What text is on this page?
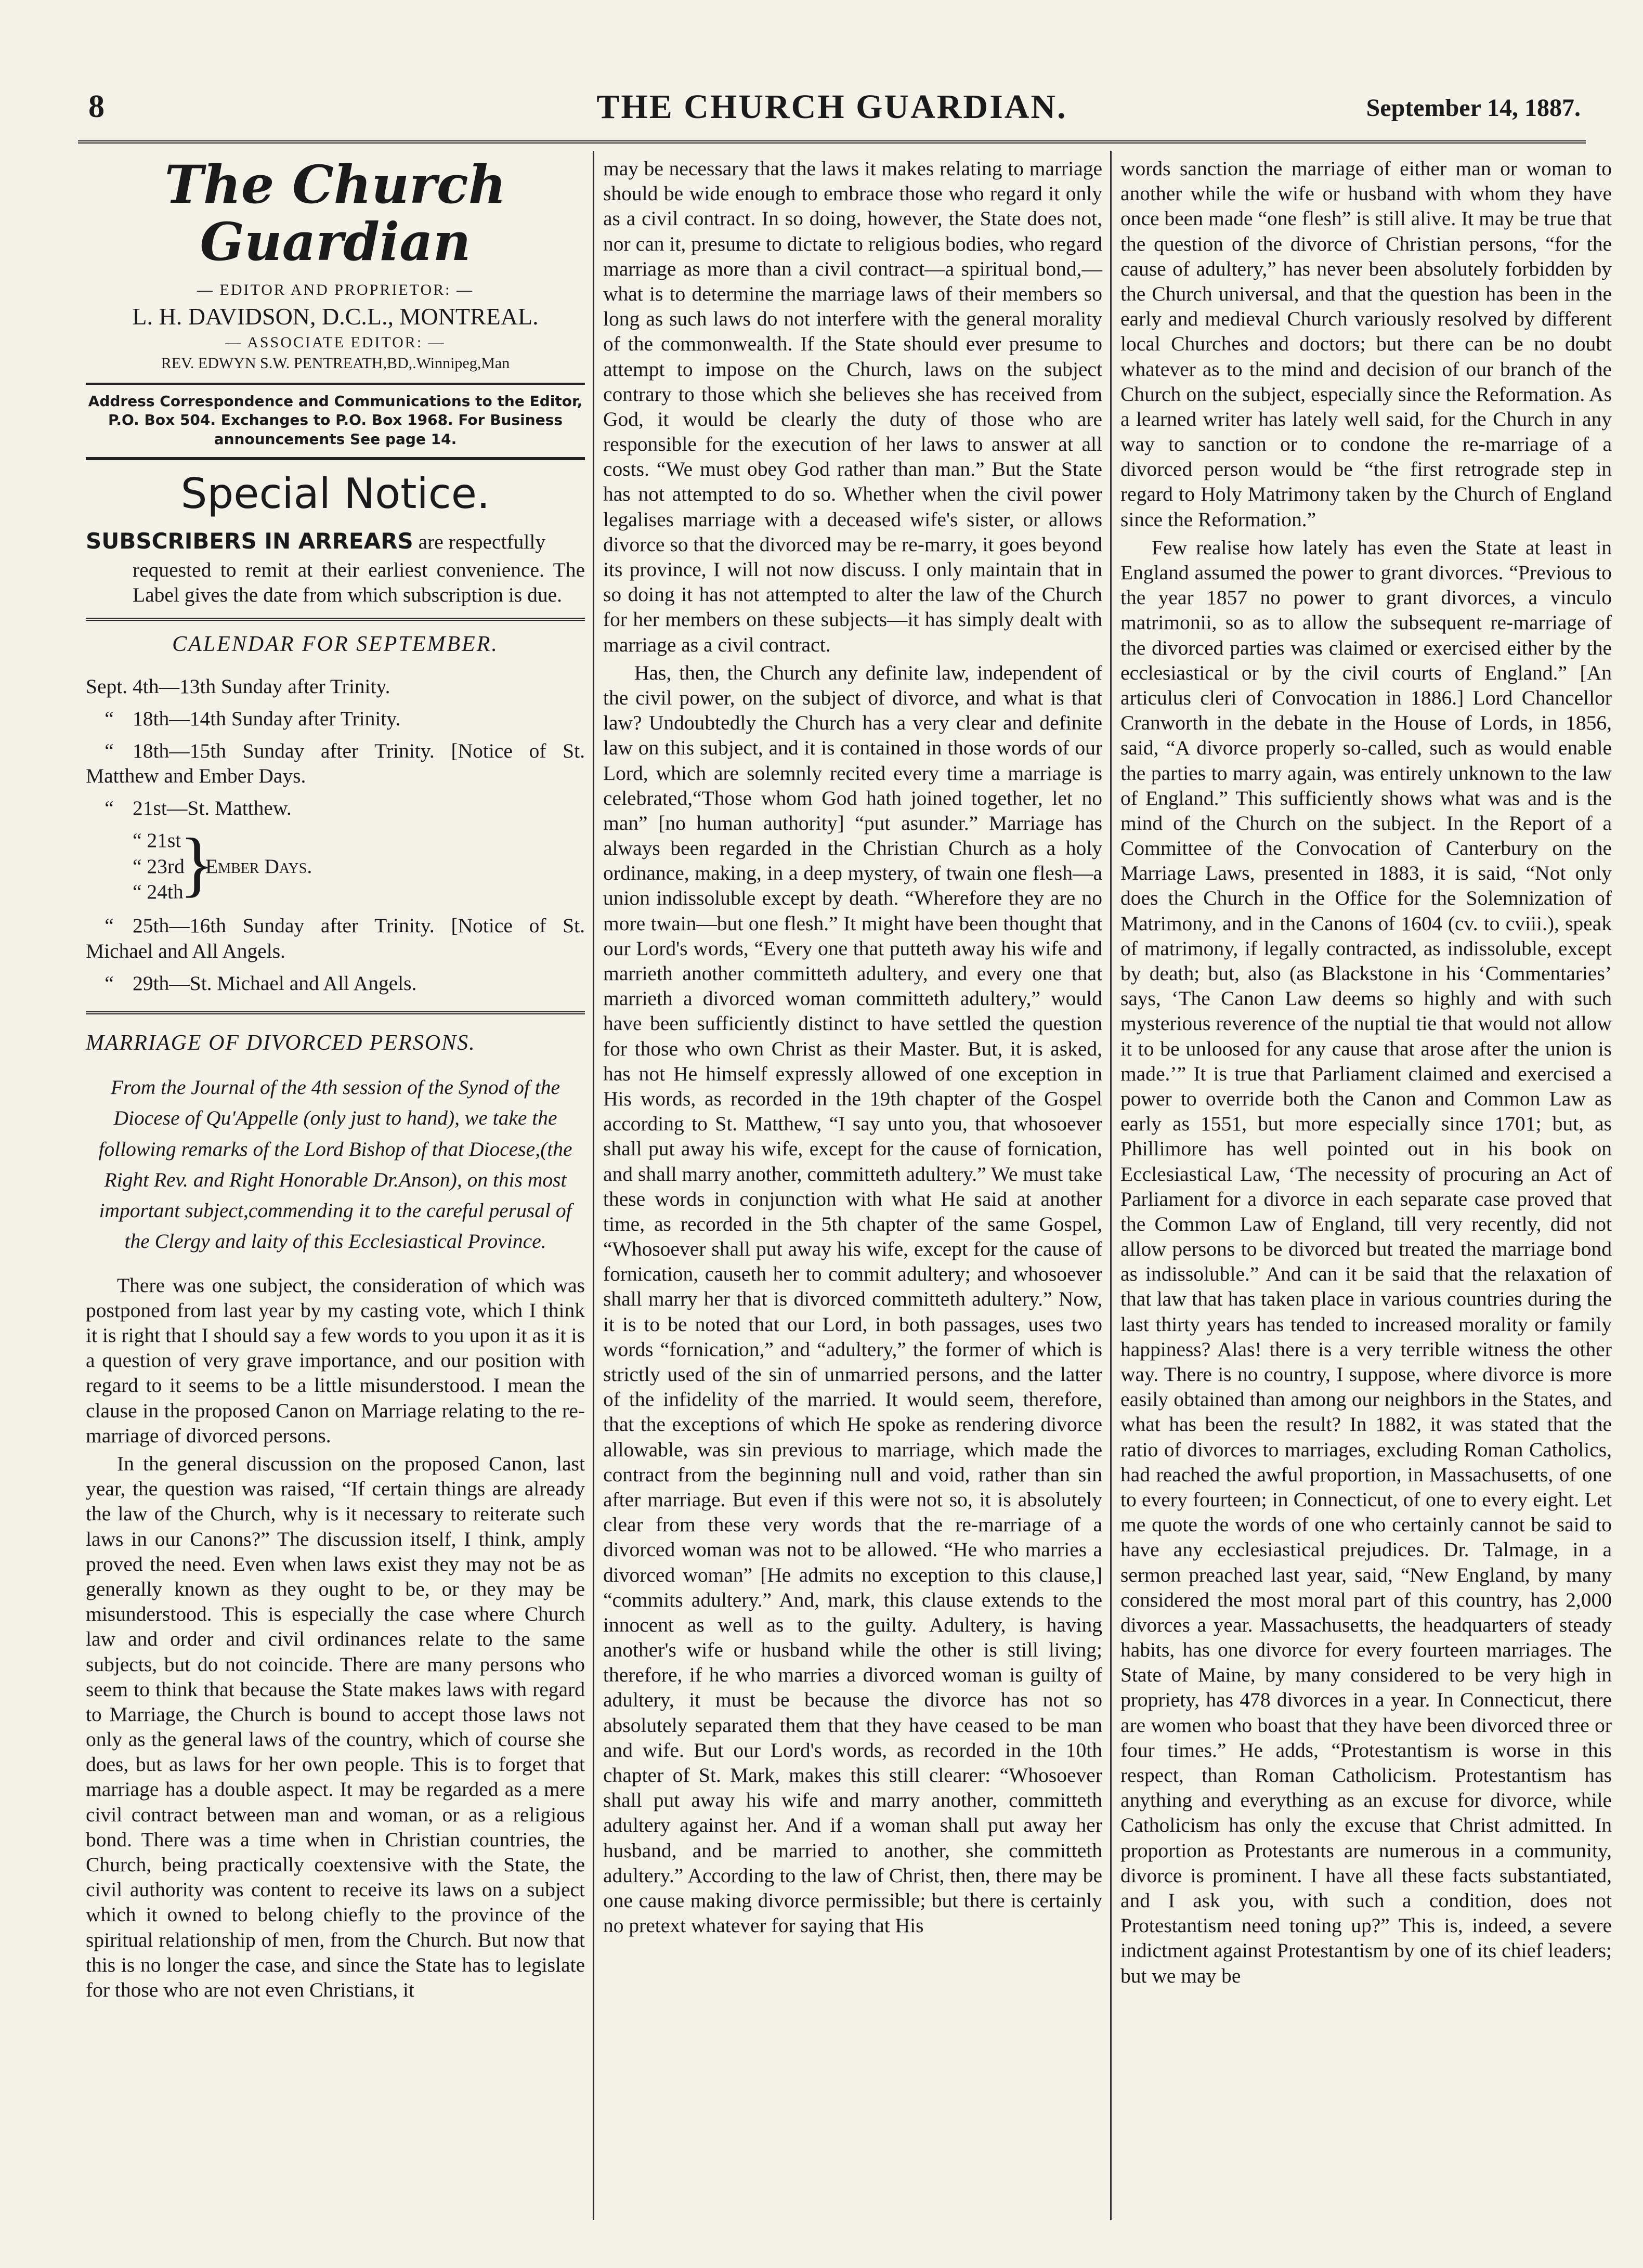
8	THE CHURCH GUARDIAN.	September 14, 1887.
The Church Guardian
— EDITOR AND PROPRIETOR: —
L. H. DAVIDSON, D.C.L., MONTREAL.
— ASSOCIATE EDITOR: —
REV. EDWYN S.W. PENTREATH,BD,.Winnipeg,Man
Address Correspondence and Communications to the Editor, P.O. Box 504. Exchanges to P.O. Box 1968. For Business announcements See page 14.
Special Notice.

SUBSCRIBERS IN ARREARS are respectfully

requested to remit at their earliest convenience. The Label gives the date from which subscription is due.

CALENDAR FOR SEPTEMBER.
Sept. 4th—13th Sunday after Trinity.
“ 18th—14th Sunday after Trinity.
“ 18th—15th Sunday after Trinity. [Notice of St. Matthew and Ember Days.
“ 21st—St. Matthew.
“ 21st
“ 23rd
“ 24th
}
Ember Days.
“ 25th—16th Sunday after Trinity. [Notice of St. Michael and All Angels.
“ 29th—St. Michael and All Angels.
MARRIAGE OF DIVORCED PERSONS.
From the Journal of the 4th session of the Synod of the Diocese of Qu'Appelle (only just to hand), we take the following remarks of the Lord Bishop of that Diocese,(the Right Rev. and Right Honorable Dr.Anson), on this most important subject,commending it to the careful perusal of the Clergy and laity of this Ecclesiastical Province.

There was one subject, the consideration of which was postponed from last year by my casting vote, which I think it is right that I should say a few words to you upon it as it is a question of very grave importance, and our position with regard to it seems to be a little misunderstood. I mean the clause in the proposed Canon on Marriage relating to the re-marriage of divorced persons.

In the general discussion on the proposed Canon, last year, the question was raised, “If certain things are already the law of the Church, why is it necessary to reiterate such laws in our Canons?” The discussion itself, I think, amply proved the need. Even when laws exist they may not be as generally known as they ought to be, or they may be misunderstood. This is especially the case where Church law and order and civil ordinances relate to the same subjects, but do not coincide. There are many persons who seem to think that because the State makes laws with regard to Marriage, the Church is bound to accept those laws not only as the general laws of the country, which of course she does, but as laws for her own people. This is to forget that marriage has a double aspect. It may be regarded as a mere civil contract between man and woman, or as a religious bond. There was a time when in Christian countries, the Church, being practically coextensive with the State, the civil authority was content to receive its laws on a subject which it owned to belong chiefly to the province of the spiritual relationship of men, from the Church. But now that this is no longer the case, and since the State has to legislate for those who are not even Christians, it

may be necessary that the laws it makes relating to marriage should be wide enough to embrace those who regard it only as a civil contract. In so doing, however, the State does not, nor can it, presume to dictate to religious bodies, who regard marriage as more than a civil contract—a spiritual bond,—what is to determine the marriage laws of their members so long as such laws do not interfere with the general morality of the commonwealth. If the State should ever presume to attempt to impose on the Church, laws on the subject contrary to those which she believes she has received from God, it would be clearly the duty of those who are responsible for the execution of her laws to answer at all costs. “We must obey God rather than man.” But the State has not attempted to do so. Whether when the civil power legalises marriage with a deceased wife's sister, or allows divorce so that the divorced may be re-marry, it goes beyond its province, I will not now discuss. I only maintain that in so doing it has not attempted to alter the law of the Church for her members on these subjects—it has simply dealt with marriage as a civil contract.

Has, then, the Church any definite law, independent of the civil power, on the subject of divorce, and what is that law? Undoubtedly the Church has a very clear and definite law on this subject, and it is contained in those words of our Lord, which are solemnly recited every time a marriage is celebrated,“Those whom God hath joined together, let no man” [no human authority] “put asunder.” Marriage has always been regarded in the Christian Church as a holy ordinance, making, in a deep mystery, of twain one flesh—a union indissoluble except by death. “Wherefore they are no more twain—but one flesh.” It might have been thought that our Lord's words, “Every one that putteth away his wife and marrieth another committeth adultery, and every one that marrieth a divorced woman committeth adultery,” would have been sufficiently distinct to have settled the question for those who own Christ as their Master. But, it is asked, has not He himself expressly allowed of one exception in His words, as recorded in the 19th chapter of the Gospel according to St. Matthew, “I say unto you, that whosoever shall put away his wife, except for the cause of fornication, and shall marry another, committeth adultery.” We must take these words in conjunction with what He said at another time, as recorded in the 5th chapter of the same Gospel, “Whosoever shall put away his wife, except for the cause of fornication, causeth her to commit adultery; and whosoever shall marry her that is divorced committeth adultery.” Now, it is to be noted that our Lord, in both passages, uses two words “fornication,” and “adultery,” the former of which is strictly used of the sin of unmarried persons, and the latter of the infidelity of the married. It would seem, therefore, that the exceptions of which He spoke as rendering divorce allowable, was sin previous to marriage, which made the contract from the beginning null and void, rather than sin after marriage. But even if this were not so, it is absolutely clear from these very words that the re-marriage of a divorced woman was not to be allowed. “He who marries a divorced woman” [He admits no exception to this clause,] “commits adultery.” And, mark, this clause extends to the innocent as well as to the guilty. Adultery, is having another's wife or husband while the other is still living; therefore, if he who marries a divorced woman is guilty of adultery, it must be because the divorce has not so absolutely separated them that they have ceased to be man and wife. But our Lord's words, as recorded in the 10th chapter of St. Mark, makes this still clearer: “Whosoever shall put away his wife and marry another, committeth adultery against her. And if a woman shall put away her husband, and be married to another, she committeth adultery.” According to the law of Christ, then, there may be one cause making divorce permissible; but there is certainly no pretext whatever for saying that His

words sanction the marriage of either man or woman to another while the wife or husband with whom they have once been made “one flesh” is still alive. It may be true that the question of the divorce of Christian persons, “for the cause of adultery,” has never been absolutely forbidden by the Church universal, and that the question has been in the early and medieval Church variously resolved by different local Churches and doctors; but there can be no doubt whatever as to the mind and decision of our branch of the Church on the subject, especially since the Reformation. As a learned writer has lately well said, for the Church in any way to sanction or to condone the re-marriage of a divorced person would be “the first retrograde step in regard to Holy Matrimony taken by the Church of England since the Reformation.”

Few realise how lately has even the State at least in England assumed the power to grant divorces. “Previous to the year 1857 no power to grant divorces, a vinculo matrimonii, so as to allow the subsequent re-marriage of the divorced parties was claimed or exercised either by the ecclesiastical or by the civil courts of England.” [An articulus cleri of Convocation in 1886.] Lord Chancellor Cranworth in the debate in the House of Lords, in 1856, said, “A divorce properly so-called, such as would enable the parties to marry again, was entirely unknown to the law of England.” This sufficiently shows what was and is the mind of the Church on the subject. In the Report of a Committee of the Convocation of Canterbury on the Marriage Laws, presented in 1883, it is said, “Not only does the Church in the Office for the Solemnization of Matrimony, and in the Canons of 1604 (cv. to cviii.), speak of matrimony, if legally contracted, as indissoluble, except by death; but, also (as Blackstone in his ‘Commentaries’ says, ‘The Canon Law deems so highly and with such mysterious reverence of the nuptial tie that would not allow it to be unloosed for any cause that arose after the union is made.’” It is true that Parliament claimed and exercised a power to override both the Canon and Common Law as early as 1551, but more especially since 1701; but, as Phillimore has well pointed out in his book on Ecclesiastical Law, ‘The necessity of procuring an Act of Parliament for a divorce in each separate case proved that the Common Law of England, till very recently, did not allow persons to be divorced but treated the marriage bond as indissoluble.” And can it be said that the relaxation of that law that has taken place in various countries during the last thirty years has tended to increased morality or family happiness? Alas! there is a very terrible witness the other way. There is no country, I suppose, where divorce is more easily obtained than among our neighbors in the States, and what has been the result? In 1882, it was stated that the ratio of divorces to marriages, excluding Roman Catholics, had reached the awful proportion, in Massachusetts, of one to every fourteen; in Connecticut, of one to every eight. Let me quote the words of one who certainly cannot be said to have any ecclesiastical prejudices. Dr. Talmage, in a sermon preached last year, said, “New England, by many considered the most moral part of this country, has 2,000 divorces a year. Massachusetts, the headquarters of steady habits, has one divorce for every fourteen marriages. The State of Maine, by many considered to be very high in propriety, has 478 divorces in a year. In Connecticut, there are women who boast that they have been divorced three or four times.” He adds, “Protestantism is worse in this respect, than Roman Catholicism. Protestantism has anything and everything as an excuse for divorce, while Catholicism has only the excuse that Christ admitted. In proportion as Protestants are numerous in a community, divorce is prominent. I have all these facts substantiated, and I ask you, with such a condition, does not Protestantism need toning up?” This is, indeed, a severe indictment against Protestantism by one of its chief leaders; but we may be
